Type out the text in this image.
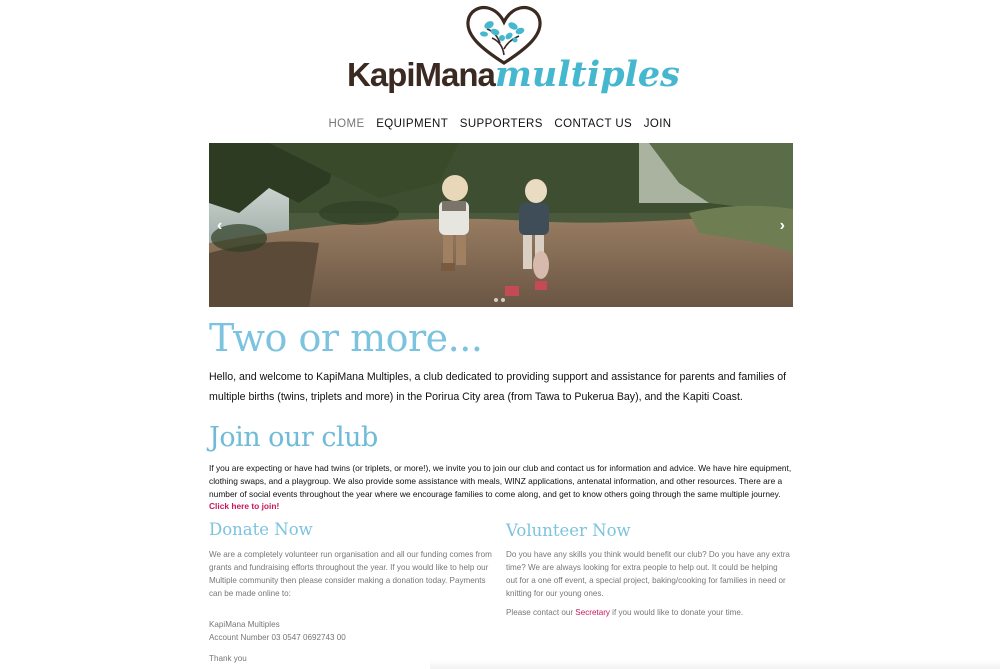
KapiManamultiples
HOME EQUIPMENT SUPPORTERS CONTACT US JOIN
‹	›
Two or more...

Hello, and welcome to KapiMana Multiples, a club dedicated to providing support and assistance for parents and families of multiple births (twins, triplets and more) in the Porirua City area (from Tawa to Pukerua Bay), and the Kapiti Coast.

Join our club

If you are expecting or have had twins (or triplets, or more!), we invite you to join our club and contact us for information and advice. We have hire equipment, clothing swaps, and a playgroup. We also provide some assistance with meals, WINZ applications, antenatal information, and other resources. There are a number of social events throughout the year where we encourage families to come along, and get to know others going through the same multiple journey.
Click here to join!

Donate Now

We are a completely volunteer run organisation and all our funding comes from grants and fundraising efforts throughout the year. If you would like to help our Multiple community then please consider making a donation today. Payments can be made online to:

KapiMana Multiples
Account Number 03 0547 0692743 00

Thank you

Volunteer Now

Do you have any skills you think would benefit our club? Do you have any extra time? We are always looking for extra people to help out. It could be helping out for a one off event, a special project, baking/cooking for families in need or knitting for our young ones.

Please contact our Secretary if you would like to donate your time.
